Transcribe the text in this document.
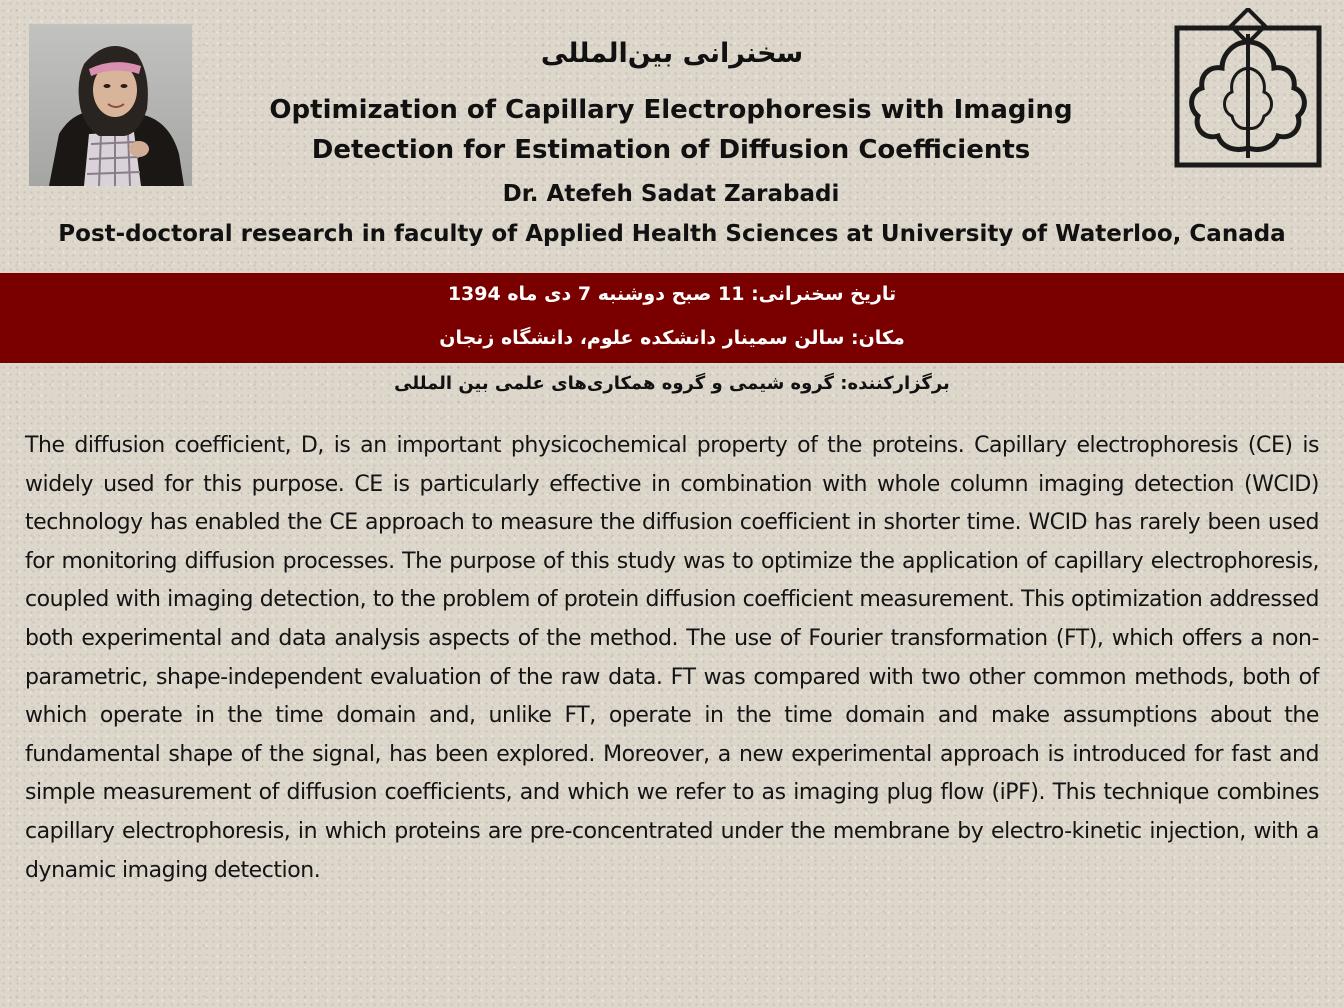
سخنرانی بین‌المللی
Optimization of Capillary Electrophoresis with Imaging Detection for Estimation of Diffusion Coefficients
Dr. Atefeh Sadat Zarabadi
Post-doctoral research in faculty of Applied Health Sciences at University of Waterloo, Canada
تاریخ سخنرانی: 11 صبح دوشنبه 7 دی ماه 1394
مکان: سالن سمینار دانشکده علوم، دانشگاه زنجان
برگزارکننده: گروه شیمی و گروه همکاری‌های علمی بین المللی
The diffusion coefficient, D, is an important physicochemical property of the proteins. Capillary electrophoresis (CE) is widely used for this purpose. CE is particularly effective in combination with whole column imaging detection (WCID) technology has enabled the CE approach to measure the diffusion coefficient in shorter time. WCID has rarely been used for monitoring diffusion processes. The purpose of this study was to optimize the application of capillary electrophoresis, coupled with imaging detection, to the problem of protein diffusion coefficient measurement. This optimization addressed both experimental and data analysis aspects of the method. The use of Fourier transformation (FT), which offers a non-parametric, shape-independent evaluation of the raw data. FT was compared with two other common methods, both of which operate in the time domain and, unlike FT, operate in the time domain and make assumptions about the fundamental shape of the signal, has been explored. Moreover, a new experimental approach is introduced for fast and simple measurement of diffusion coefficients, and which we refer to as imaging plug flow (iPF). This technique combines capillary electrophoresis, in which proteins are pre-concentrated under the membrane by electro-kinetic injection, with a dynamic imaging detection.
